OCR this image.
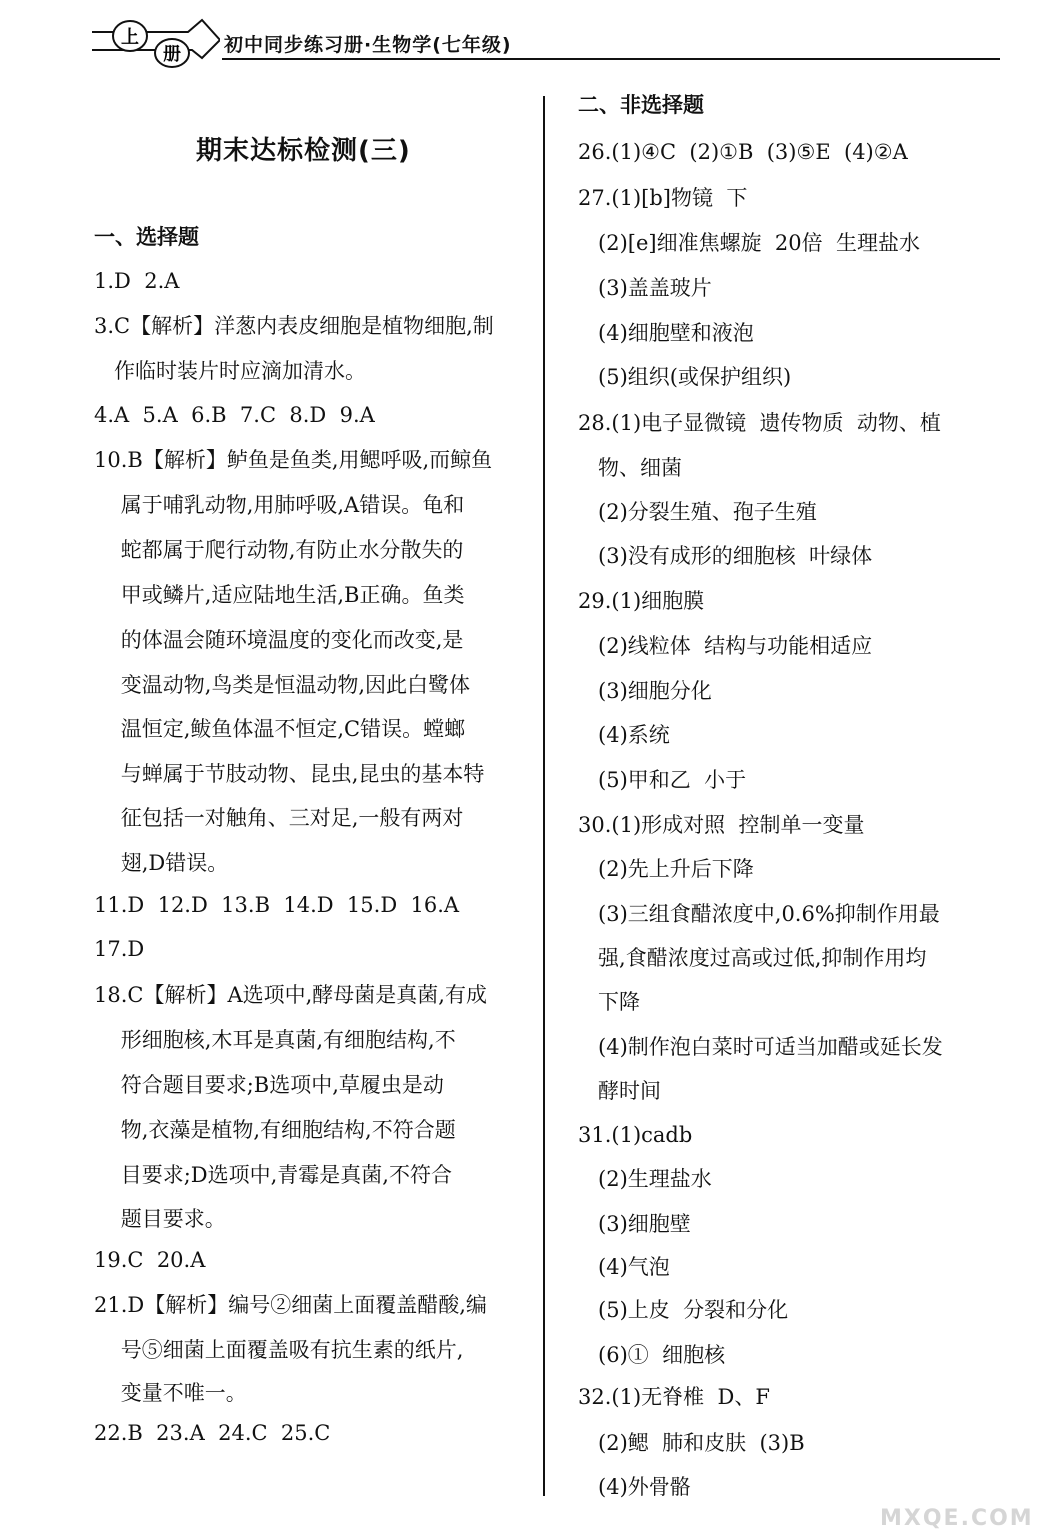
上
册 初中同步练习册·生物学(七年级)
期末达标检测(三)
一、选择题
1.D  2.A
3.C【解析】洋葱内表皮细胞是植物细胞,制
作临时装片时应滴加清水。
4.A  5.A  6.B  7.C  8.D  9.A
10.B【解析】鲈鱼是鱼类,用鳃呼吸,而鲸鱼
属于哺乳动物,用肺呼吸,A错误。龟和
蛇都属于爬行动物,有防止水分散失的
甲或鳞片,适应陆地生活,B正确。鱼类
的体温会随环境温度的变化而改变,是
变温动物,鸟类是恒温动物,因此白鹭体
温恒定,鲅鱼体温不恒定,C错误。螳螂
与蝉属于节肢动物、昆虫,昆虫的基本特
征包括一对触角、三对足,一般有两对
翅,D错误。
11.D  12.D  13.B  14.D  15.D  16.A
17.D
18.C【解析】A选项中,酵母菌是真菌,有成
形细胞核,木耳是真菌,有细胞结构,不
符合题目要求;B选项中,草履虫是动
物,衣藻是植物,有细胞结构,不符合题
目要求;D选项中,青霉是真菌,不符合
题目要求。
19.C  20.A
21.D【解析】编号②细菌上面覆盖醋酸,编
号⑤细菌上面覆盖吸有抗生素的纸片,
变量不唯一。
22.B  23.A  24.C  25.C
二、非选择题
26.(1)④C  (2)①B  (3)⑤E  (4)②A
27.(1)[b]物镜  下
(2)[e]细准焦螺旋  20倍  生理盐水
(3)盖盖玻片
(4)细胞壁和液泡
(5)组织(或保护组织)
28.(1)电子显微镜  遗传物质  动物、植
物、细菌
(2)分裂生殖、孢子生殖
(3)没有成形的细胞核  叶绿体
29.(1)细胞膜
(2)线粒体  结构与功能相适应
(3)细胞分化
(4)系统
(5)甲和乙  小于
30.(1)形成对照  控制单一变量
(2)先上升后下降
(3)三组食醋浓度中,0.6%抑制作用最
强,食醋浓度过高或过低,抑制作用均
下降
(4)制作泡白菜时可适当加醋或延长发
酵时间
31.(1)cadb
(2)生理盐水
(3)细胞壁
(4)气泡
(5)上皮  分裂和分化
(6)①  细胞核
32.(1)无脊椎  D、F
(2)鳃  肺和皮肤  (3)B
(4)外骨骼
MXQE.COM
